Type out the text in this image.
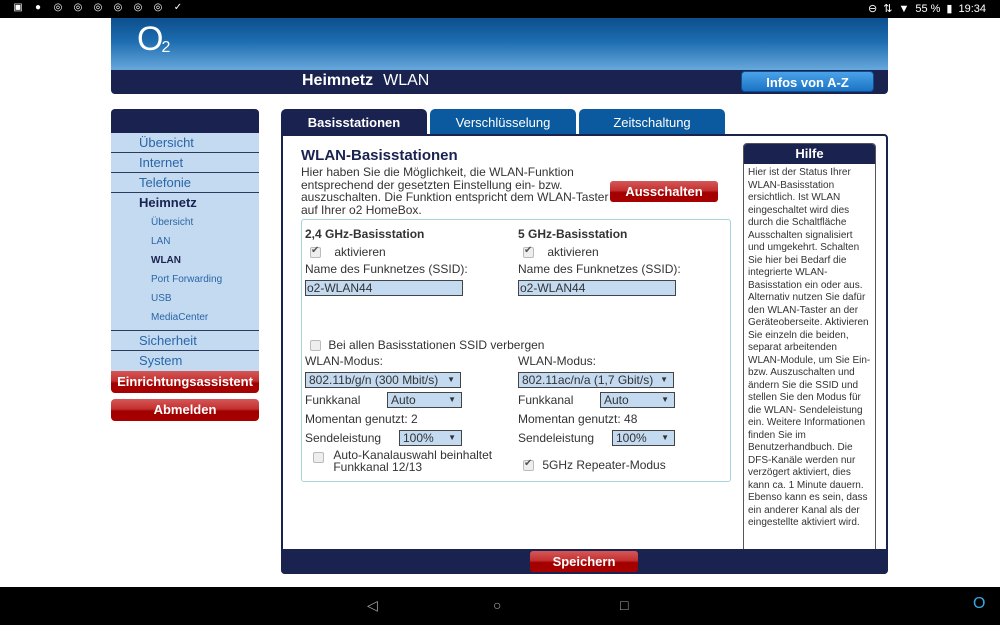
▣ ● ◎ ◎ ◎ ◎ ◎ ◎ ✓	⊖ ⇅ ▼ 55 % ▮ 19:34
$O_2$
Heimnetz WLAN	Infos von A-Z
Übersicht
Internet
Telefonie
Heimnetz
Übersicht
LAN
WLAN
Port Forwarding
USB
MediaCenter
Sicherheit
System
Einrichtungsassistent
Abmelden
Basisstationen	Verschlüsselung	Zeitschaltung
WLAN-Basisstationen
Hier haben Sie die Möglichkeit, die WLAN-Funktion entsprechend der gesetzten Einstellung ein- bzw. auszuschalten. Die Funktion entspricht dem WLAN-Taster auf Ihrer o2 HomeBox.
Ausschalten
2,4 GHz-Basisstation
✔ aktivieren
Name des Funknetzes (SSID):
o2-WLAN44
WLAN-Modus:
802.11b/g/n (300 Mbit/s) ▼
Funkkanal	Auto	▼
Momentan genutzt: 2
Sendeleistung	100% ▼
Auto-Kanalauswahl beinhaltet
Funkkanal 12/13
Bei allen Basisstationen SSID verbergen
5 GHz-Basisstation
✔ aktivieren
Name des Funknetzes (SSID):
o2-WLAN44
WLAN-Modus:
802.11ac/n/a (1,7 Gbit/s) ▼
Funkkanal	Auto	▼
Momentan genutzt: 48
Sendeleistung	100% ▼
✔ 5GHz Repeater-Modus
Hilfe
Hier ist der Status Ihrer WLAN-Basisstation ersichtlich. Ist WLAN eingeschaltet wird dies durch die Schaltfläche Ausschalten signalisiert und umgekehrt. Schalten Sie hier bei Bedarf die integrierte WLAN-Basisstation ein oder aus. Alternativ nutzen Sie dafür den WLAN-Taster an der Geräteoberseite. Aktivieren Sie einzeln die beiden, separat arbeitenden WLAN-Module, um Sie Ein- bzw. Auszuschalten und ändern Sie die SSID und stellen Sie den Modus für die WLAN- Sendeleistung ein. Weitere Informationen finden Sie im Benutzerhandbuch. Die DFS-Kanäle werden nur verzögert aktiviert, dies kann ca. 1 Minute dauern. Ebenso kann es sein, dass ein anderer Kanal als der eingestellte aktiviert wird.
Speichern
◁	○	□	O
